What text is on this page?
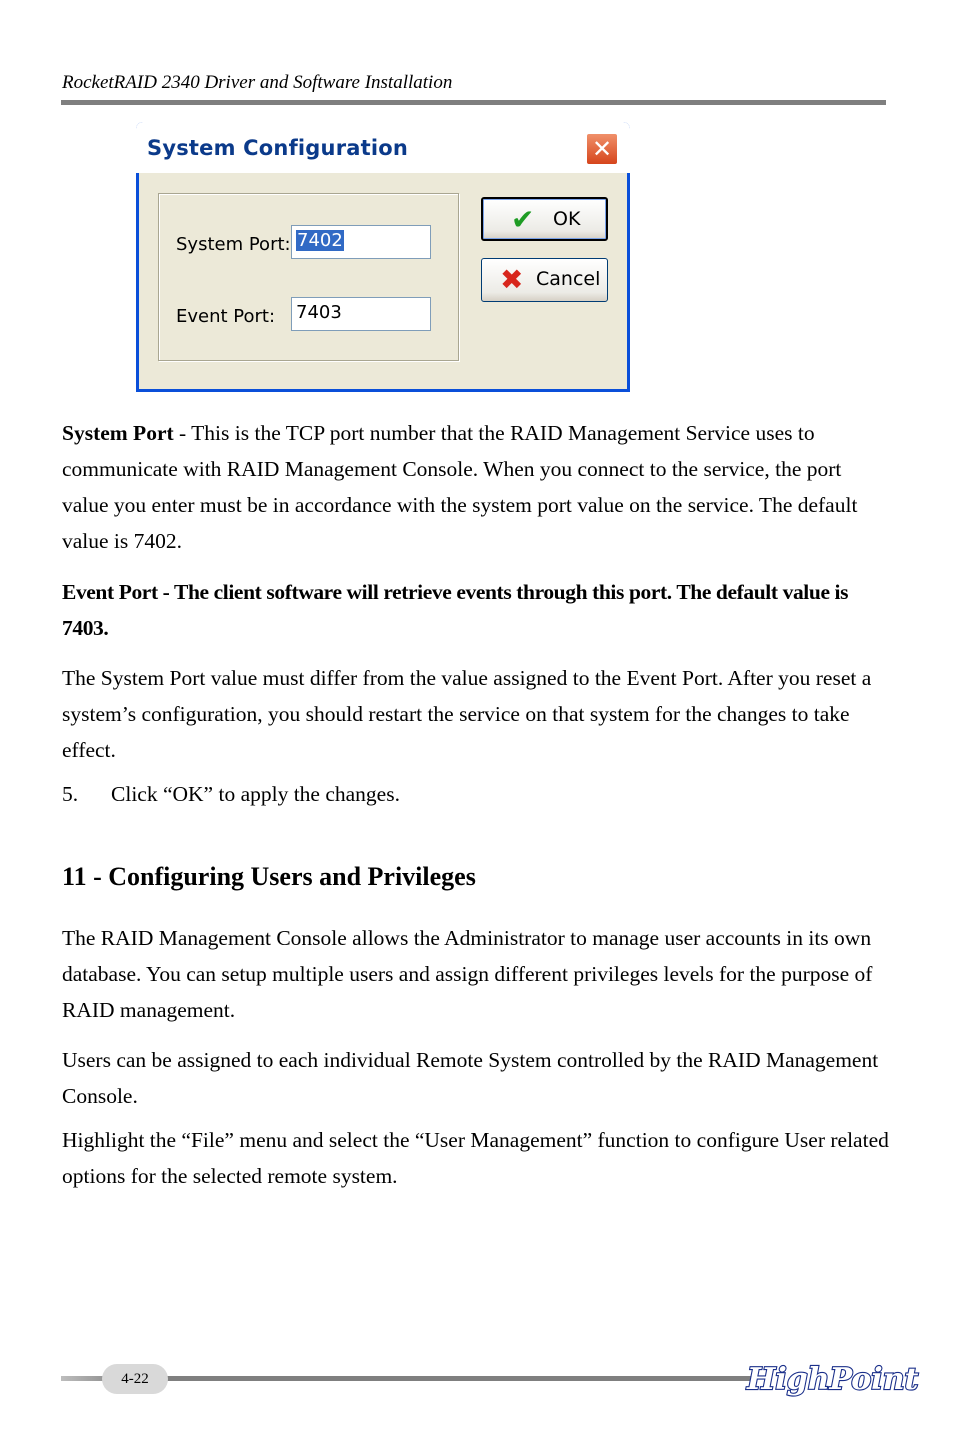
RocketRAID 2340 Driver and Software Installation
System Configuration	✕
System Port: 7402
Event Port: 7403
✔ OK
✖ Cancel

System Port - This is the TCP port number that the RAID Management Service uses to communicate with RAID Management Console. When you connect to the service, the port value you enter must be in accordance with the system port value on the service. The default value is 7402.

Event Port - The client software will retrieve events through this port. The default value is 7403.

The System Port value must differ from the value assigned to the Event Port. After you reset a system’s configuration, you should restart the service on that system for the changes to take effect.

5. Click “OK” to apply the changes.
11 - Configuring Users and Privileges

The RAID Management Console allows the Administrator to manage user accounts in its own database. You can setup multiple users and assign different privileges levels for the purpose of RAID management.

Users can be assigned to each individual Remote System controlled by the RAID Management Console.

Highlight the “File” menu and select the “User Management” function to configure User related options for the selected remote system.

4-22	HighPoint
